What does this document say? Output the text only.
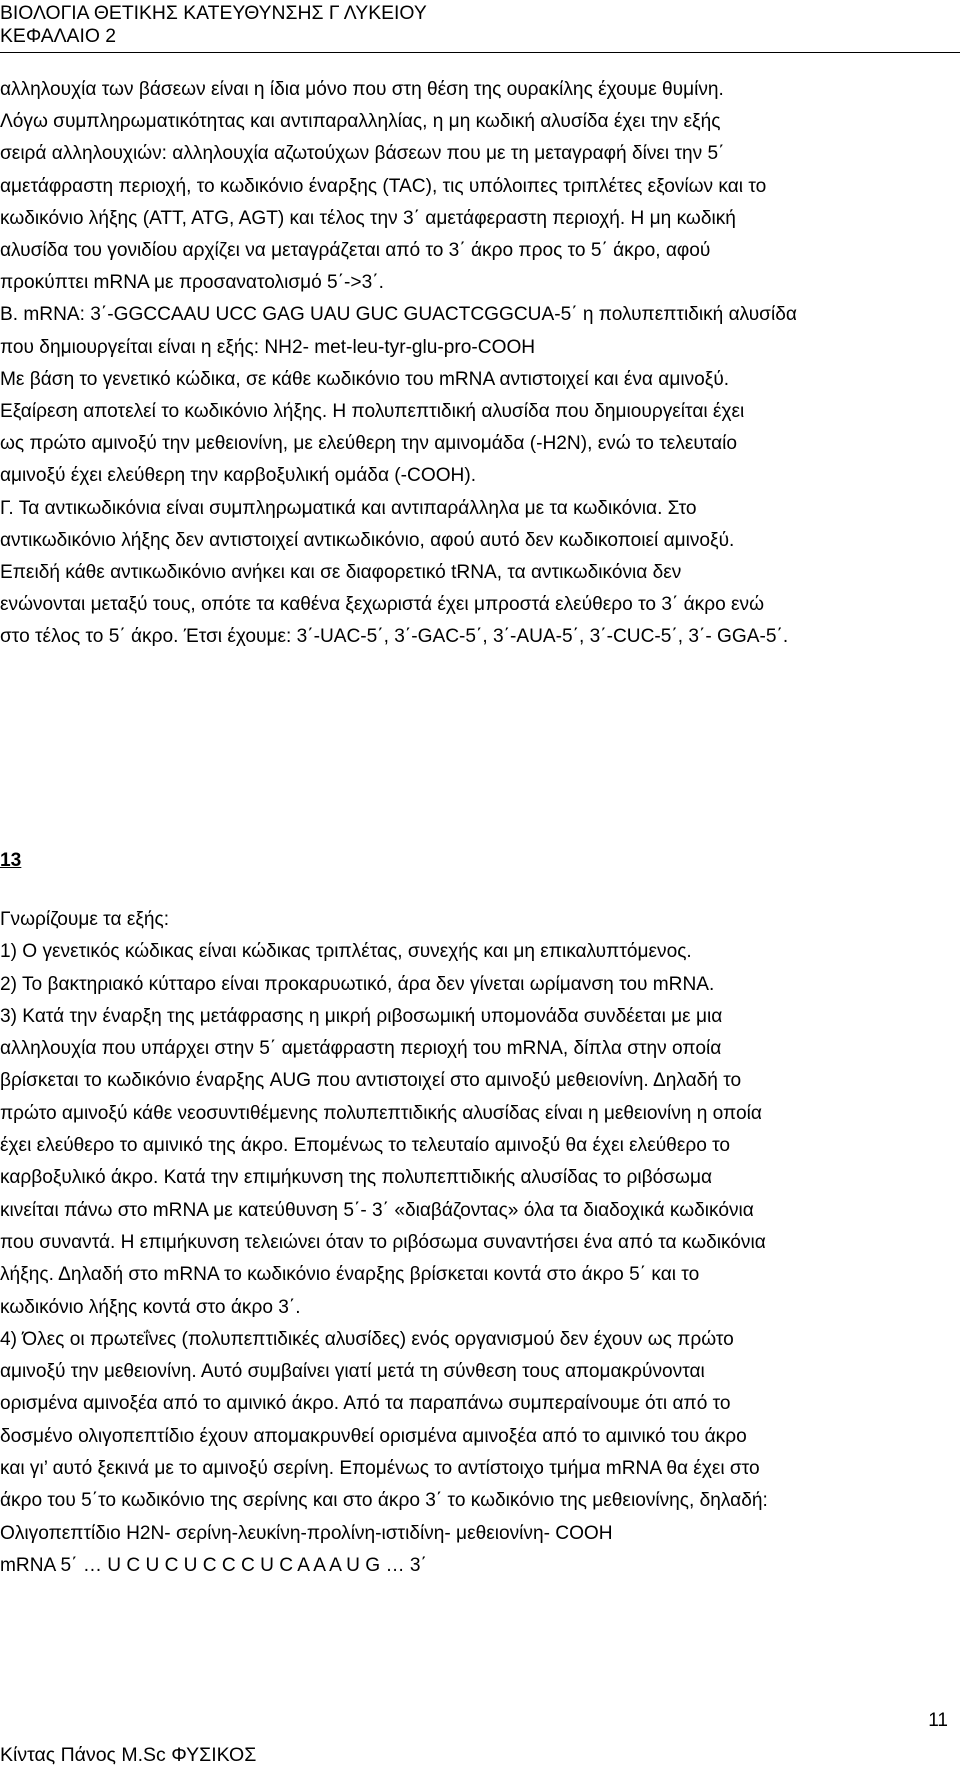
ΒΙΟΛΟΓΙΑ ΘΕΤΙΚΗΣ ΚΑΤΕΥΘΥΝΣΗΣ Γ ΛΥΚΕΙΟΥ
ΚΕΦΑΛΑΙΟ 2
αλληλουχία των βάσεων είναι η ίδια μόνο που στη θέση της ουρακίλης έχουμε θυμίνη.
Λόγω συμπληρωματικότητας και αντιπαραλληλίας, η μη κωδική αλυσίδα έχει την εξής
σειρά αλληλουχιών: αλληλουχία αζωτούχων βάσεων που με τη μεταγραφή δίνει την 5΄
αμετάφραστη περιοχή, το κωδικόνιο έναρξης (TAC), τις υπόλοιπες τριπλέτες εξονίων και το
κωδικόνιο λήξης (ATT, ATG, AGT) και τέλος την 3΄ αμετάφεραστη περιοχή. Η μη κωδική
αλυσίδα του γονιδίου αρχίζει να μεταγράζεται από το 3΄ άκρο προς το 5΄ άκρο, αφού
προκύπτει mRNA με προσανατολισμό 5΄->3΄.
Β. mRNA: 3΄-GGCCAAU UCC GAG UAU GUC GUACTCGGCUA-5΄ η πολυπεπτιδική αλυσίδα
που δημιουργείται είναι η εξής: NH2- met-leu-tyr-glu-pro-COOH
Με βάση το γενετικό κώδικα, σε κάθε κωδικόνιο του mRNA αντιστοιχεί και ένα αμινοξύ.
Εξαίρεση αποτελεί το κωδικόνιο λήξης. Η πολυπεπτιδική αλυσίδα που δημιουργείται έχει
ως πρώτο αμινοξύ την μεθειονίνη, με ελεύθερη την αμινομάδα (-H2N), ενώ το τελευταίο
αμινοξύ έχει ελεύθερη την καρβοξυλική ομάδα (-COOH).
Γ. Τα αντικωδικόνια είναι συμπληρωματικά και αντιπαράλληλα με τα κωδικόνια. Στο
αντικωδικόνιο λήξης δεν αντιστοιχεί αντικωδικόνιο, αφού αυτό δεν κωδικοποιεί αμινοξύ.
Επειδή κάθε αντικωδικόνιο ανήκει και σε διαφορετικό tRNA, τα αντικωδικόνια δεν
ενώνονται μεταξύ τους, οπότε τα καθένα ξεχωριστά έχει μπροστά ελεύθερο το 3΄ άκρο ενώ
στο τέλος το 5΄ άκρο. Έτσι έχουμε: 3΄-UAC-5΄, 3΄-GAC-5΄, 3΄-AUA-5΄, 3΄-CUC-5΄, 3΄- GGA-5΄.
13
Γνωρίζουμε τα εξής:
1) Ο γενετικός κώδικας είναι κώδικας τριπλέτας, συνεχής και μη επικαλυπτόμενος.
2) Το βακτηριακό κύτταρο είναι προκαρυωτικό, άρα δεν γίνεται ωρίμανση του mRNA.
3) Κατά την έναρξη της μετάφρασης η μικρή ριβοσωμική υπομονάδα συνδέεται με μια
αλληλουχία που υπάρχει στην 5΄ αμετάφραστη περιοχή του mRNA, δίπλα στην οποία
βρίσκεται το κωδικόνιο έναρξης AUG που αντιστοιχεί στο αμινοξύ μεθειονίνη. Δηλαδή το
πρώτο αμινοξύ κάθε νεοσυντιθέμενης πολυπεπτιδικής αλυσίδας είναι η μεθειονίνη η οποία
έχει ελεύθερο το αμινικό της άκρο. Επομένως το τελευταίο αμινοξύ θα έχει ελεύθερο το
καρβοξυλικό άκρο. Κατά την επιμήκυνση της πολυπεπτιδικής αλυσίδας το ριβόσωμα
κινείται πάνω στο mRNA με κατεύθυνση 5΄- 3΄ «διαβάζοντας» όλα τα διαδοχικά κωδικόνια
που συναντά. Η επιμήκυνση τελειώνει όταν το ριβόσωμα συναντήσει ένα από τα κωδικόνια
λήξης. Δηλαδή στο mRNA το κωδικόνιο έναρξης βρίσκεται κοντά στο άκρο 5΄ και το
κωδικόνιο λήξης κοντά στο άκρο 3΄.
4) Όλες οι πρωτεΐνες (πολυπεπτιδικές αλυσίδες) ενός οργανισμού δεν έχουν ως πρώτο
αμινοξύ την μεθειονίνη. Αυτό συμβαίνει γιατί μετά τη σύνθεση τους απομακρύνονται
ορισμένα αμινοξέα από το αμινικό άκρο. Από τα παραπάνω συμπεραίνουμε ότι από το
δοσμένο ολιγοπεπτίδιο έχουν απομακρυνθεί ορισμένα αμινοξέα από το αμινικό του άκρο
και γι’ αυτό ξεκινά με το αμινοξύ σερίνη. Επομένως το αντίστοιχο τμήμα mRNA θα έχει στο
άκρο του 5΄το κωδικόνιο της σερίνης και στο άκρο 3΄ το κωδικόνιο της μεθειονίνης, δηλαδή:
Ολιγοπεπτίδιο H2N- σερίνη-λευκίνη-προλίνη-ιστιδίνη- μεθειονίνη- COOH
mRNA 5΄ … U C U C U C C C U C A A A U G … 3΄
11
Κίντας Πάνος Μ.Sc ΦΥΣΙΚΟΣ
